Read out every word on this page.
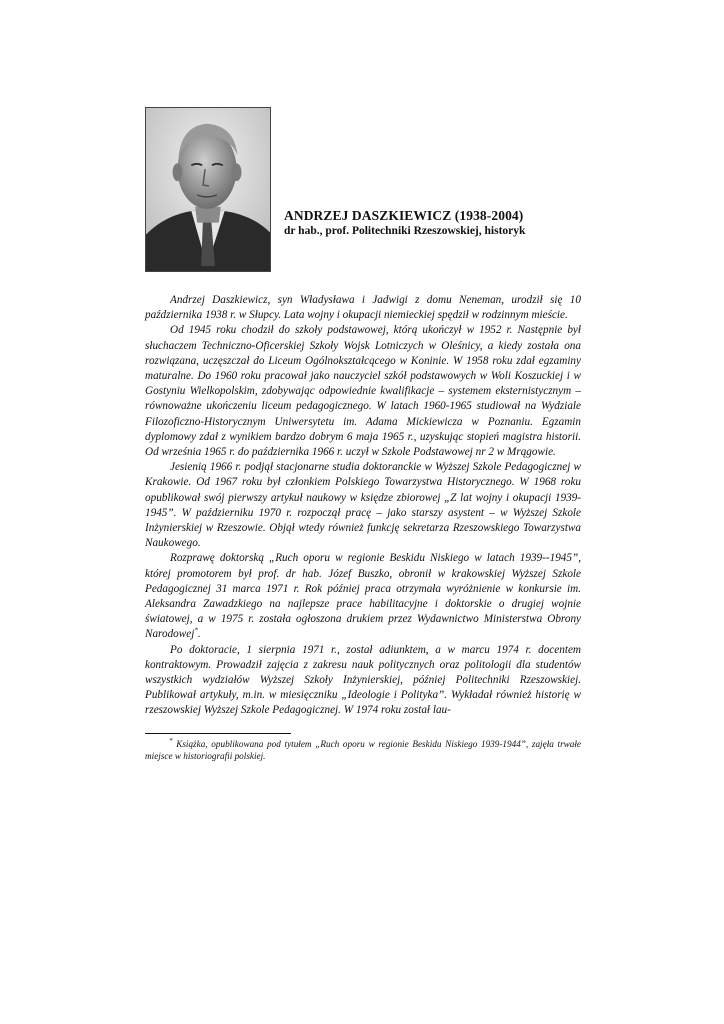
ANDRZEJ DASZKIEWICZ (1938-2004)
dr hab., prof. Politechniki Rzeszowskiej, historyk

Andrzej Daszkiewicz, syn Władysława i Jadwigi z domu Neneman, urodził się 10 października 1938 r. w Słupcy. Lata wojny i okupacji niemieckiej spędził w rodzinnym mieście.

Od 1945 roku chodził do szkoły podstawowej, którą ukończył w 1952 r. Następnie był słuchaczem Techniczno-Oficerskiej Szkoły Wojsk Lotniczych w Oleśnicy, a kiedy została ona rozwiązana, uczęszczał do Liceum Ogólnokształcącego w Koninie. W 1958 roku zdał egzaminy maturalne. Do 1960 roku pracował jako nauczyciel szkół podstawowych w Woli Koszuckiej i w Gostyniu Wielkopolskim, zdobywając odpowiednie kwalifikacje – systemem eksternistycznym – równoważne ukończeniu liceum pedagogicznego. W latach 1960-1965 studiował na Wydziale Filozoficzno-Historycznym Uniwersytetu im. Adama Mickiewicza w Poznaniu. Egzamin dyplomowy zdał z wynikiem bardzo dobrym 6 maja 1965 r., uzyskując stopień magistra historii. Od września 1965 r. do października 1966 r. uczył w Szkole Podstawowej nr 2 w Mrągowie.

Jesienią 1966 r. podjął stacjonarne studia doktoranckie w Wyższej Szkole Pedagogicznej w Krakowie. Od 1967 roku był członkiem Polskiego Towarzystwa Historycznego. W 1968 roku opublikował swój pierwszy artykuł naukowy w księdze zbiorowej „Z lat wojny i okupacji 1939-1945”. W październiku 1970 r. rozpoczął pracę – jako starszy asystent – w Wyższej Szkole Inżynierskiej w Rzeszowie. Objął wtedy również funkcję sekretarza Rzeszowskiego Towarzystwa Naukowego.

Rozprawę doktorską „Ruch oporu w regionie Beskidu Niskiego w latach 1939--1945”, której promotorem był prof. dr hab. Józef Buszko, obronił w krakowskiej Wyższej Szkole Pedagogicznej 31 marca 1971 r. Rok później praca otrzymała wyróżnienie w konkursie im. Aleksandra Zawadzkiego na najlepsze prace habilitacyjne i doktorskie o drugiej wojnie światowej, a w 1975 r. została ogłoszona drukiem przez Wydawnictwo Ministerstwa Obrony Narodowej*.

Po doktoracie, 1 sierpnia 1971 r., został adiunktem, a w marcu 1974 r. docentem kontraktowym. Prowadził zajęcia z zakresu nauk politycznych oraz politologii dla studentów wszystkich wydziałów Wyższej Szkoły Inżynierskiej, później Politechniki Rzeszowskiej. Publikował artykuły, m.in. w miesięczniku „Ideologie i Polityka”. Wykładał również historię w rzeszowskiej Wyższej Szkole Pedagogicznej. W 1974 roku został lau-

* Książka, opublikowana pod tytułem „Ruch oporu w regionie Beskidu Niskiego 1939-1944”, zajęła trwałe miejsce w historiografii polskiej.
